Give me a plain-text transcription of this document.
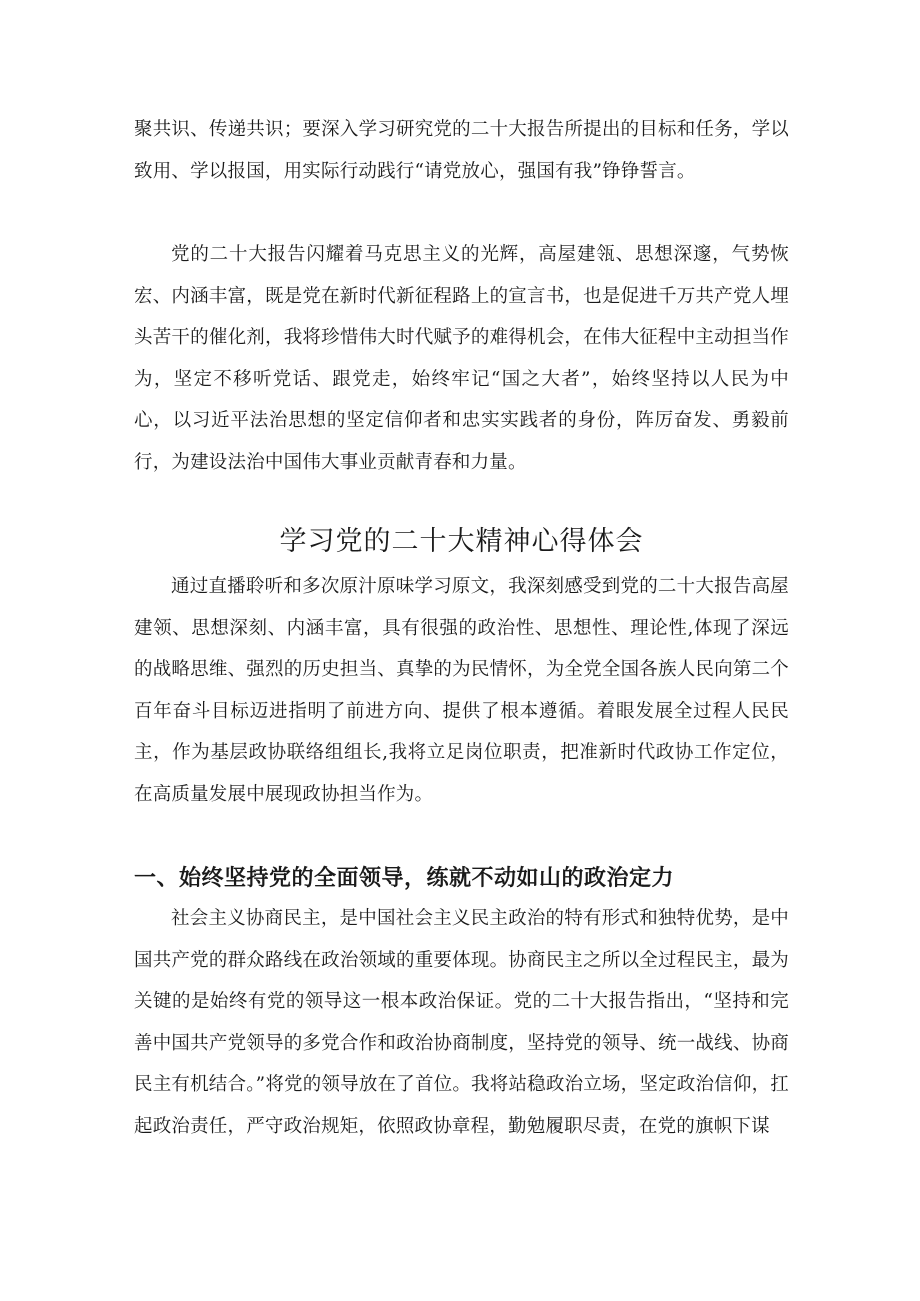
聚共识、传递共识；要深入学习研究党的二十大报告所提出的目标和任务，学以致用、学以报国，用实际行动践行“请党放心，强国有我”铮铮誓言。

党的二十大报告闪耀着马克思主义的光辉，高屋建瓴、思想深邃，气势恢宏、内涵丰富，既是党在新时代新征程路上的宣言书，也是促进千万共产党人埋头苦干的催化剂，我将珍惜伟大时代赋予的难得机会，在伟大征程中主动担当作为，坚定不移听党话、跟党走，始终牢记“国之大者”，始终坚持以人民为中心，以习近平法治思想的坚定信仰者和忠实实践者的身份，阵厉奋发、勇毅前行，为建设法治中国伟大事业贡献青春和力量。

学习党的二十大精神心得体会

通过直播聆听和多次原汁原味学习原文，我深刻感受到党的二十大报告高屋建领、思想深刻、内涵丰富，具有很强的政治性、思想性、理论性,体现了深远的战略思维、强烈的历史担当、真挚的为民情怀，为全党全国各族人民向第二个百年奋斗目标迈进指明了前进方向、提供了根本遵循。着眼发展全过程人民民主，作为基层政协联络组组长,我将立足岗位职责，把准新时代政协工作定位，在高质量发展中展现政协担当作为。

一、始终坚持党的全面领导，练就不动如山的政治定力

社会主义协商民主，是中国社会主义民主政治的特有形式和独特优势，是中国共产党的群众路线在政治领域的重要体现。协商民主之所以全过程民主，最为关键的是始终有党的领导这一根本政治保证。党的二十大报告指出，“坚持和完善中国共产党领导的多党合作和政治协商制度，坚持党的领导、统一战线、协商民主有机结合。”将党的领导放在了首位。我将站稳政治立场，坚定政治信仰，扛起政治责任，严守政治规矩，依照政协章程，勤勉履职尽责，在党的旗帜下谋
